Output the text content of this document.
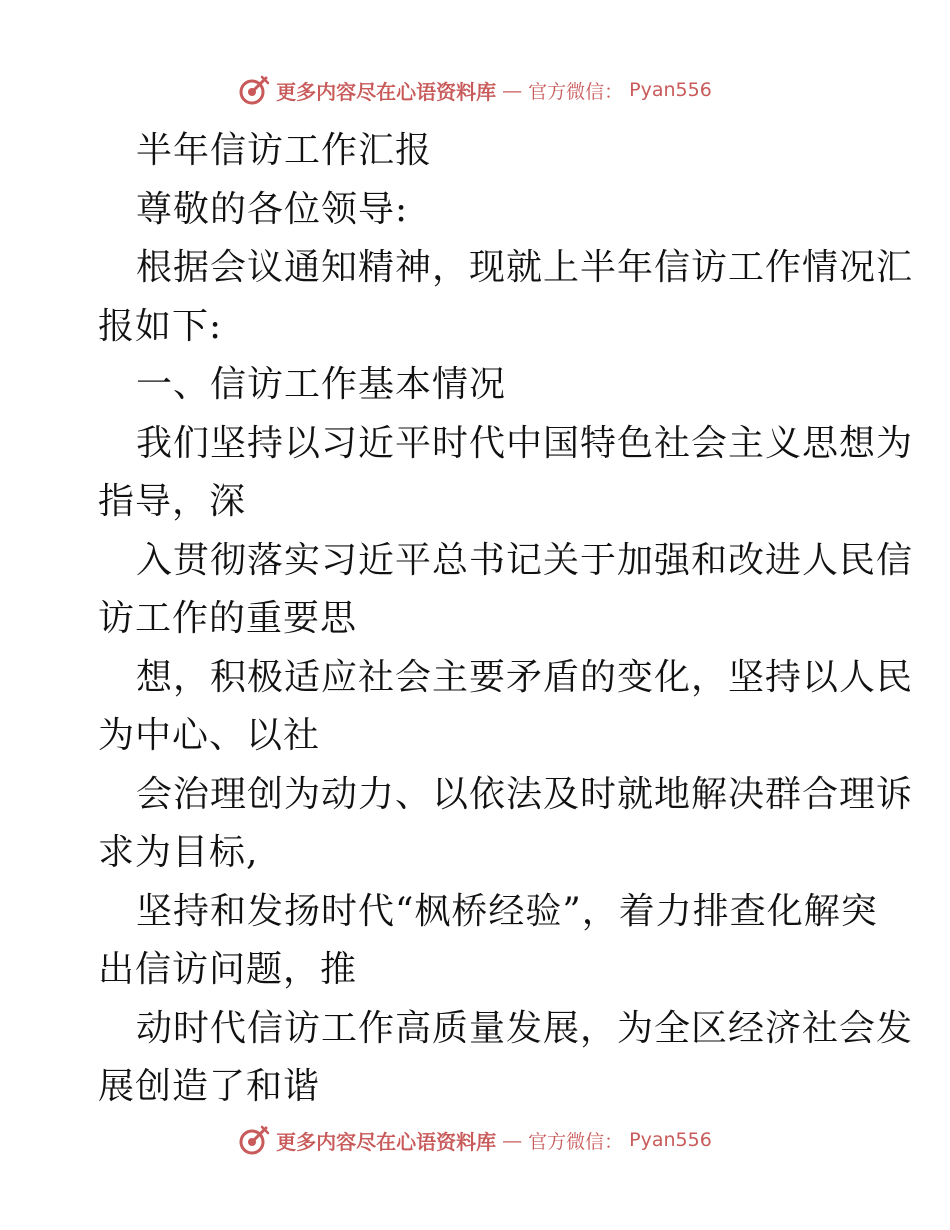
更多内容尽在心语资料库 — 官方微信： Pyan556
半年信访工作汇报
尊敬的各位领导:
根据会议通知精神，现就上半年信访工作情况汇
报如下:
一、信访工作基本情况
我们坚持以习近平时代中国特色社会主义思想为
指导，深
入贯彻落实习近平总书记关于加强和改进人民信
访工作的重要思
想，积极适应社会主要矛盾的变化，坚持以人民
为中心、以社
会治理创为动力、以依法及时就地解决群合理诉
求为目标,
坚持和发扬时代“枫桥经验”，着力排查化解突
出信访问题，推
动时代信访工作高质量发展，为全区经济社会发
展创造了和谐
更多内容尽在心语资料库 — 官方微信： Pyan556
